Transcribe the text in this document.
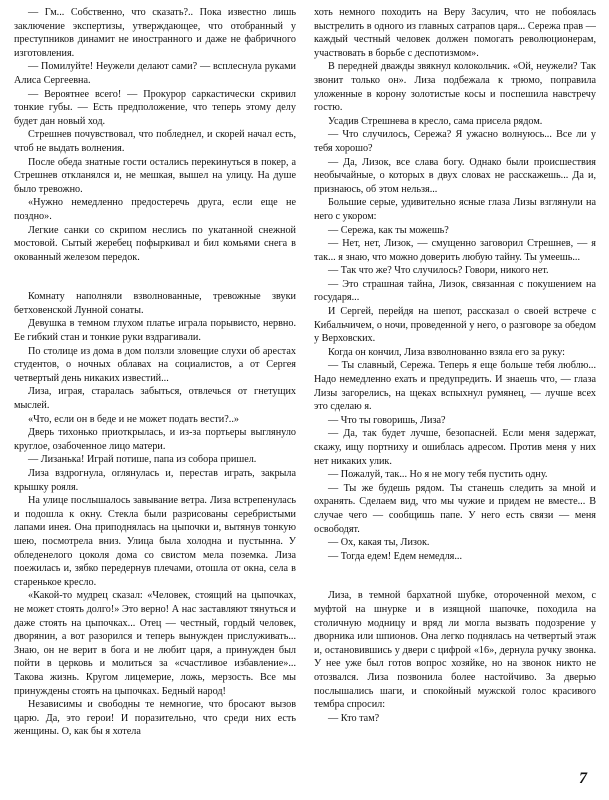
— Гм... Собственно, что сказать?.. Пока известно лишь заключение экспертизы, утверждающее, что отобранный у преступников динамит не иностранного и даже не фабричного изготовления.

— Помилуйте! Неужели делают сами? — всплеснула руками Алиса Сергеевна.

— Вероятнее всего! — Прокурор саркастически скривил тонкие губы. — Есть предположение, что теперь этому делу будет дан новый ход.

Стрешнев почувствовал, что побледнел, и скорей начал есть, чтоб не выдать волнения.

После обеда знатные гости остались перекинуться в покер, а Стрешнев откланялся и, не мешкая, вышел на улицу. На душе было тревожно.

«Нужно немедленно предостеречь друга, если еще не поздно».

Легкие санки со скрипом неслись по укатанной снежной мостовой. Сытый жеребец пофыркивал и бил комьями снега в окованный железом передок.

Комнату наполняли взволнованные, тревожные звуки бетховенской Лунной сонаты.

Девушка в темном глухом платье играла порывисто, нервно. Ее гибкий стан и тонкие руки вздрагивали.

По столице из дома в дом ползли зловещие слухи об арестах студентов, о ночных облавах на социалистов, а от Сергея четвертый день никаких известий...

Лиза, играя, старалась забыться, отвлечься от гнетущих мыслей.

«Что, если он в беде и не может подать вести?..»

Дверь тихонько приоткрылась, и из-за портьеры выглянуло круглое, озабоченное лицо матери.

— Лизанька! Играй потише, папа из собора пришел.

Лиза вздрогнула, оглянулась и, перестав играть, закрыла крышку рояля.

На улице послышалось завывание ветра. Лиза встрепенулась и подошла к окну. Стекла были разрисованы серебристыми лапами инея. Она приподнялась на цыпочки и, вытянув тонкую шею, посмотрела вниз. Улица была холодна и пустынна. У обледенелого цоколя дома со свистом мела поземка. Лиза поежилась и, зябко передернув плечами, отошла от окна, села в старенькое кресло.

«Какой-то мудрец сказал: «Человек, стоящий на цыпочках, не может стоять долго!» Это верно! А нас заставляют тянуться и даже стоять на цыпочках... Отец — честный, гордый человек, дворянин, а вот разорился и теперь вынужден прислуживать... Знаю, он не верит в бога и не любит царя, а принужден был пойти в церковь и молиться за «счастливое избавление»... Такова жизнь. Кругом лицемерие, ложь, мерзость. Все мы принуждены стоять на цыпочках. Бедный народ!

Независимы и свободны те немногие, что бросают вызов царю. Да, это герои! И поразительно, что среди них есть женщины. О, как бы я хотела

хоть немного походить на Веру Засулич, что не побоялась выстрелить в одного из главных сатрапов царя... Сережа прав — каждый честный человек должен помогать революционерам, участвовать в борьбе с деспотизмом».

В передней дважды звякнул колокольчик. «Ой, неужели? Так звонит только он». Лиза подбежала к трюмо, поправила уложенные в корону золотистые косы и поспешила навстречу гостю.

Усадив Стрешнева в кресло, сама присела рядом.

— Что случилось, Сережа? Я ужасно волнуюсь... Все ли у тебя хорошо?

— Да, Лизок, все слава богу. Однако были происшествия необычайные, о которых в двух словах не расскажешь... Да и, признаюсь, об этом нельзя...

Большие серые, удивительно ясные глаза Лизы взглянули на него с укором:

— Сережа, как ты можешь?

— Нет, нет, Лизок, — смущенно заговорил Стрешнев, — я так... я знаю, что можно доверить любую тайну. Ты умеешь...

— Так что же? Что случилось? Говори, никого нет.

— Это страшная тайна, Лизок, связанная с покушением на государя...

И Сергей, перейдя на шепот, рассказал о своей встрече с Кибальчичем, о ночи, проведенной у него, о разговоре за обедом у Верховских.

Когда он кончил, Лиза взволнованно взяла его за руку:

— Ты славный, Сережа. Теперь я еще больше тебя люблю... Надо немедленно ехать и предупредить. И знаешь что, — глаза Лизы загорелись, на щеках вспыхнул румянец, — лучше всех это сделаю я.

— Что ты говоришь, Лиза?

— Да, так будет лучше, безопасней. Если меня задержат, скажу, ищу портниху и ошиблась адресом. Против меня у них нет никаких улик.

— Пожалуй, так... Но я не могу тебя пустить одну.

— Ты же будешь рядом. Ты станешь следить за мной и охранять. Сделаем вид, что мы чужие и придем не вместе... В случае чего — сообщишь папе. У него есть связи — меня освободят.

— Ох, какая ты, Лизок.

— Тогда едем! Едем немедля...

Лиза, в темной бархатной шубке, отороченной мехом, с муфтой на шнурке и в изящной шапочке, походила на столичную модницу и вряд ли могла вызвать подозрение у дворника или шпионов. Она легко поднялась на четвертый этаж и, остановившись у двери с цифрой «16», дернула ручку звонка. У нее уже был готов вопрос хозяйке, но на звонок никто не отозвался. Лиза позвонила более настойчиво. За дверью послышались шаги, и спокойный мужской голос красивого тембра спросил:

— Кто там?

7
